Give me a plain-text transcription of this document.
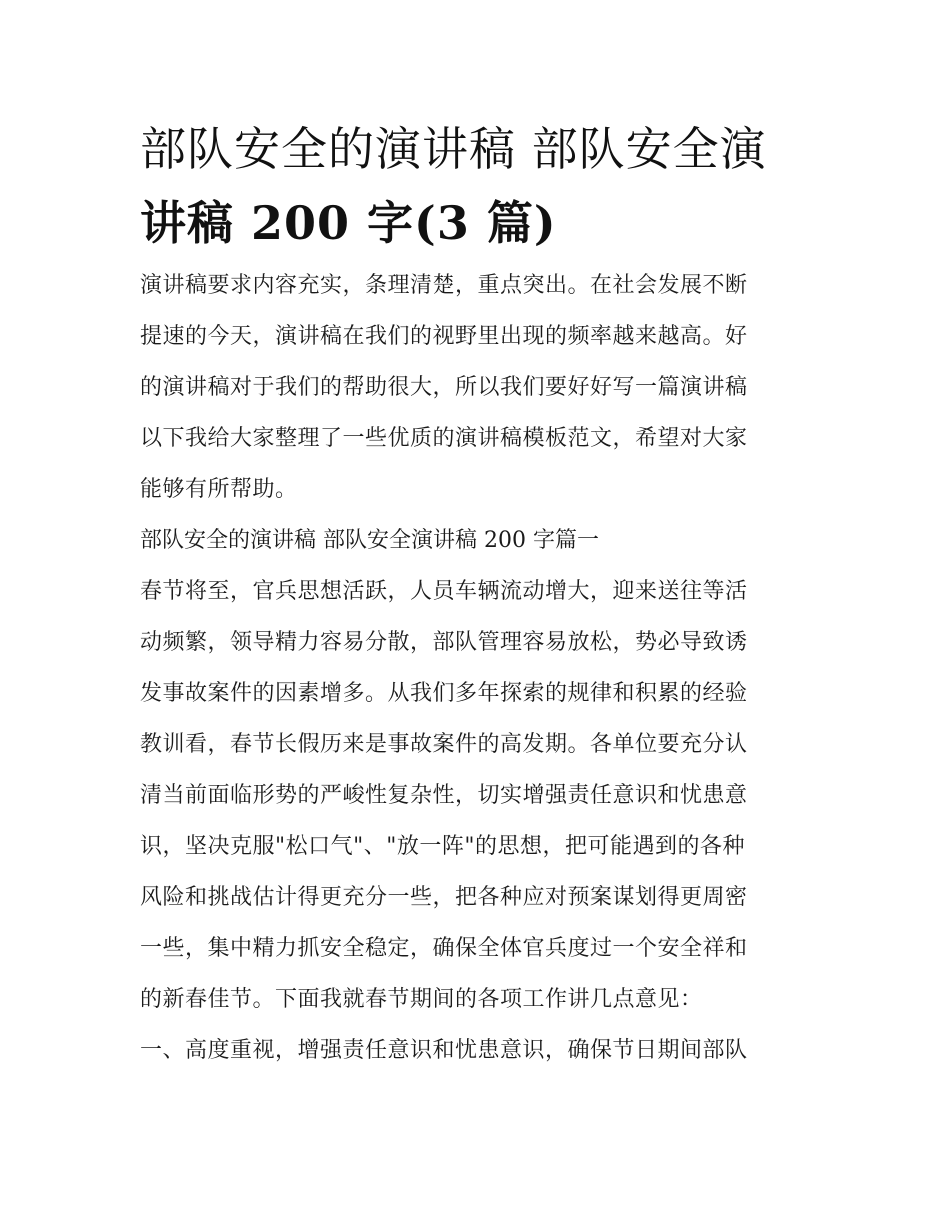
部队安全的演讲稿 部队安全演
讲稿 200 字(3 篇)

演讲稿要求内容充实，条理清楚，重点突出。在社会发展不断
提速的今天，演讲稿在我们的视野里出现的频率越来越高。好
的演讲稿对于我们的帮助很大，所以我们要好好写一篇演讲稿
以下我给大家整理了一些优质的演讲稿模板范文，希望对大家
能够有所帮助。

部队安全的演讲稿 部队安全演讲稿 200 字篇一

春节将至，官兵思想活跃，人员车辆流动增大，迎来送往等活
动频繁，领导精力容易分散，部队管理容易放松，势必导致诱
发事故案件的因素增多。从我们多年探索的规律和积累的经验
教训看，春节长假历来是事故案件的高发期。各单位要充分认
清当前面临形势的严峻性复杂性，切实增强责任意识和忧患意
识，坚决克服"松口气"、"放一阵"的思想，把可能遇到的各种
风险和挑战估计得更充分一些，把各种应对预案谋划得更周密
一些，集中精力抓安全稳定，确保全体官兵度过一个安全祥和
的新春佳节。下面我就春节期间的各项工作讲几点意见：

一、高度重视，增强责任意识和忧患意识，确保节日期间部队
